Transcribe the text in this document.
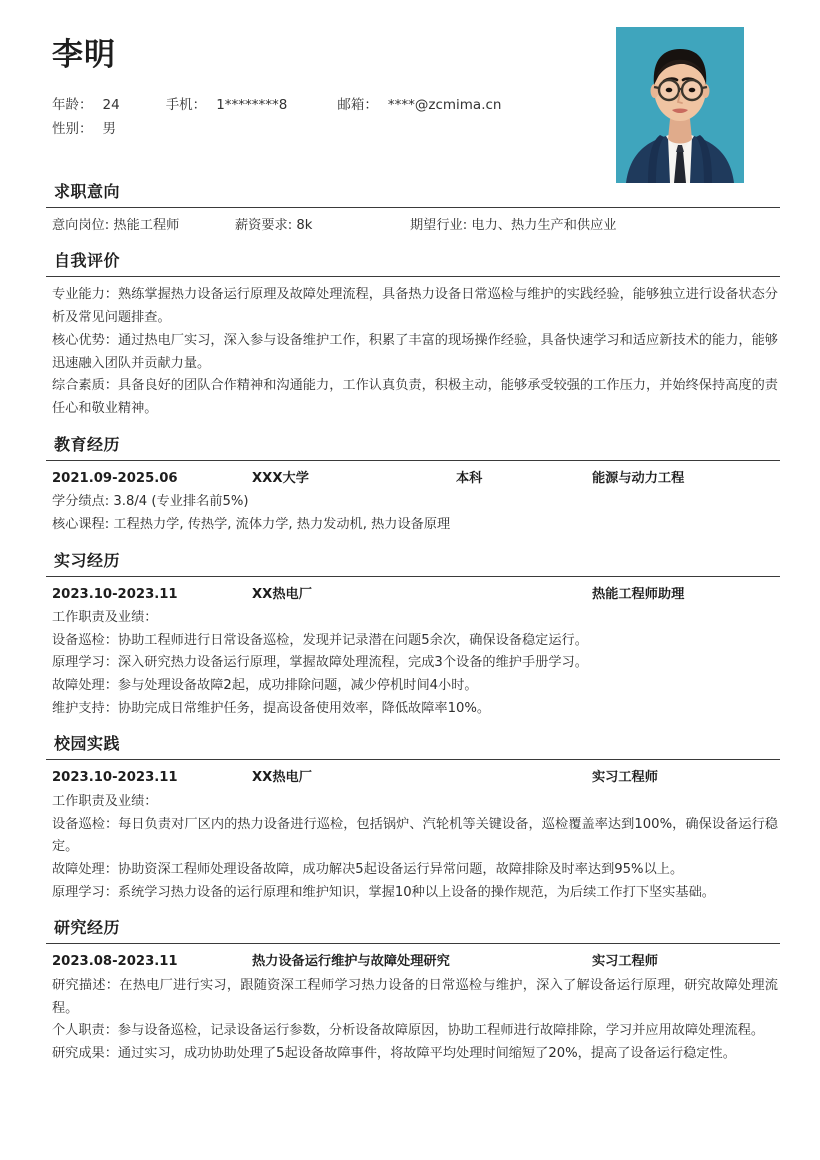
李明
年龄： 24	手机： 1********8	邮箱： ****@zcmima.cn
性别： 男
求职意向
意向岗位: 热能工程师	薪资要求: 8k	期望行业: 电力、热力生产和供应业
自我评价
专业能力：熟练掌握热力设备运行原理及故障处理流程，具备热力设备日常巡检与维护的实践经验，能够独立进行设备状态分析及常见问题排查。
核心优势：通过热电厂实习，深入参与设备维护工作，积累了丰富的现场操作经验，具备快速学习和适应新技术的能力，能够迅速融入团队并贡献力量。
综合素质：具备良好的团队合作精神和沟通能力，工作认真负责，积极主动，能够承受较强的工作压力，并始终保持高度的责任心和敬业精神。
教育经历
2021.09-2025.06	XXX大学	本科	能源与动力工程
学分绩点: 3.8/4 (专业排名前5%)
核心课程: 工程热力学, 传热学, 流体力学, 热力发动机, 热力设备原理
实习经历
2023.10-2023.11	XX热电厂	热能工程师助理
工作职责及业绩：
设备巡检：协助工程师进行日常设备巡检，发现并记录潜在问题5余次，确保设备稳定运行。
原理学习：深入研究热力设备运行原理，掌握故障处理流程，完成3个设备的维护手册学习。
故障处理：参与处理设备故障2起，成功排除问题，减少停机时间4小时。
维护支持：协助完成日常维护任务，提高设备使用效率，降低故障率10%。
校园实践
2023.10-2023.11	XX热电厂	实习工程师
工作职责及业绩：
设备巡检：每日负责对厂区内的热力设备进行巡检，包括锅炉、汽轮机等关键设备，巡检覆盖率达到100%，确保设备运行稳定。
故障处理：协助资深工程师处理设备故障，成功解决5起设备运行异常问题，故障排除及时率达到95%以上。
原理学习：系统学习热力设备的运行原理和维护知识，掌握10种以上设备的操作规范，为后续工作打下坚实基础。
研究经历
2023.08-2023.11	热力设备运行维护与故障处理研究	实习工程师
研究描述：在热电厂进行实习，跟随资深工程师学习热力设备的日常巡检与维护，深入了解设备运行原理，研究故障处理流程。
个人职责：参与设备巡检，记录设备运行参数，分析设备故障原因，协助工程师进行故障排除，学习并应用故障处理流程。
研究成果：通过实习，成功协助处理了5起设备故障事件，将故障平均处理时间缩短了20%，提高了设备运行稳定性。
